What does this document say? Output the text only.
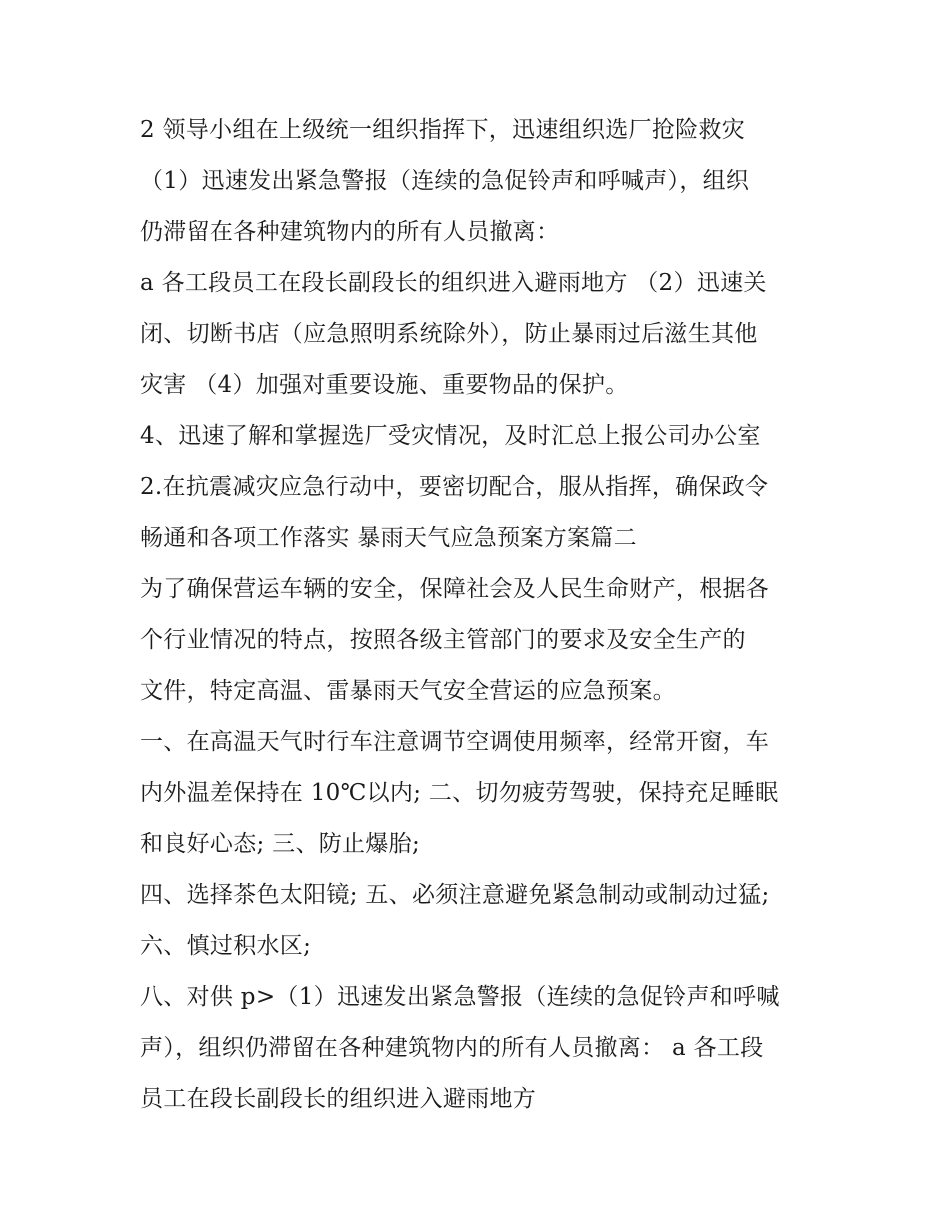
2 领导小组在上级统一组织指挥下，迅速组织选厂抢险救灾
（1）迅速发出紧急警报（连续的急促铃声和呼喊声），组织
仍滞留在各种建筑物内的所有人员撤离：
a 各工段员工在段长副段长的组织进入避雨地方 （2）迅速关
闭、切断书店（应急照明系统除外），防止暴雨过后滋生其他
灾害 （4）加强对重要设施、重要物品的保护。
4、迅速了解和掌握选厂受灾情况，及时汇总上报公司办公室
2.在抗震减灾应急行动中，要密切配合，服从指挥，确保政令
畅通和各项工作落实 暴雨天气应急预案方案篇二
为了确保营运车辆的安全，保障社会及人民生命财产，根据各
个行业情况的特点，按照各级主管部门的要求及安全生产的
文件，特定高温、雷暴雨天气安全营运的应急预案。
一、在高温天气时行车注意调节空调使用频率，经常开窗，车
内外温差保持在 10℃以内; 二、切勿疲劳驾驶，保持充足睡眠
和良好心态; 三、防止爆胎;
四、选择茶色太阳镜; 五、必须注意避免紧急制动或制动过猛;
六、慎过积水区;
八、对供 p>（1）迅速发出紧急警报（连续的急促铃声和呼喊
声），组织仍滞留在各种建筑物内的所有人员撤离： a 各工段
员工在段长副段长的组织进入避雨地方
